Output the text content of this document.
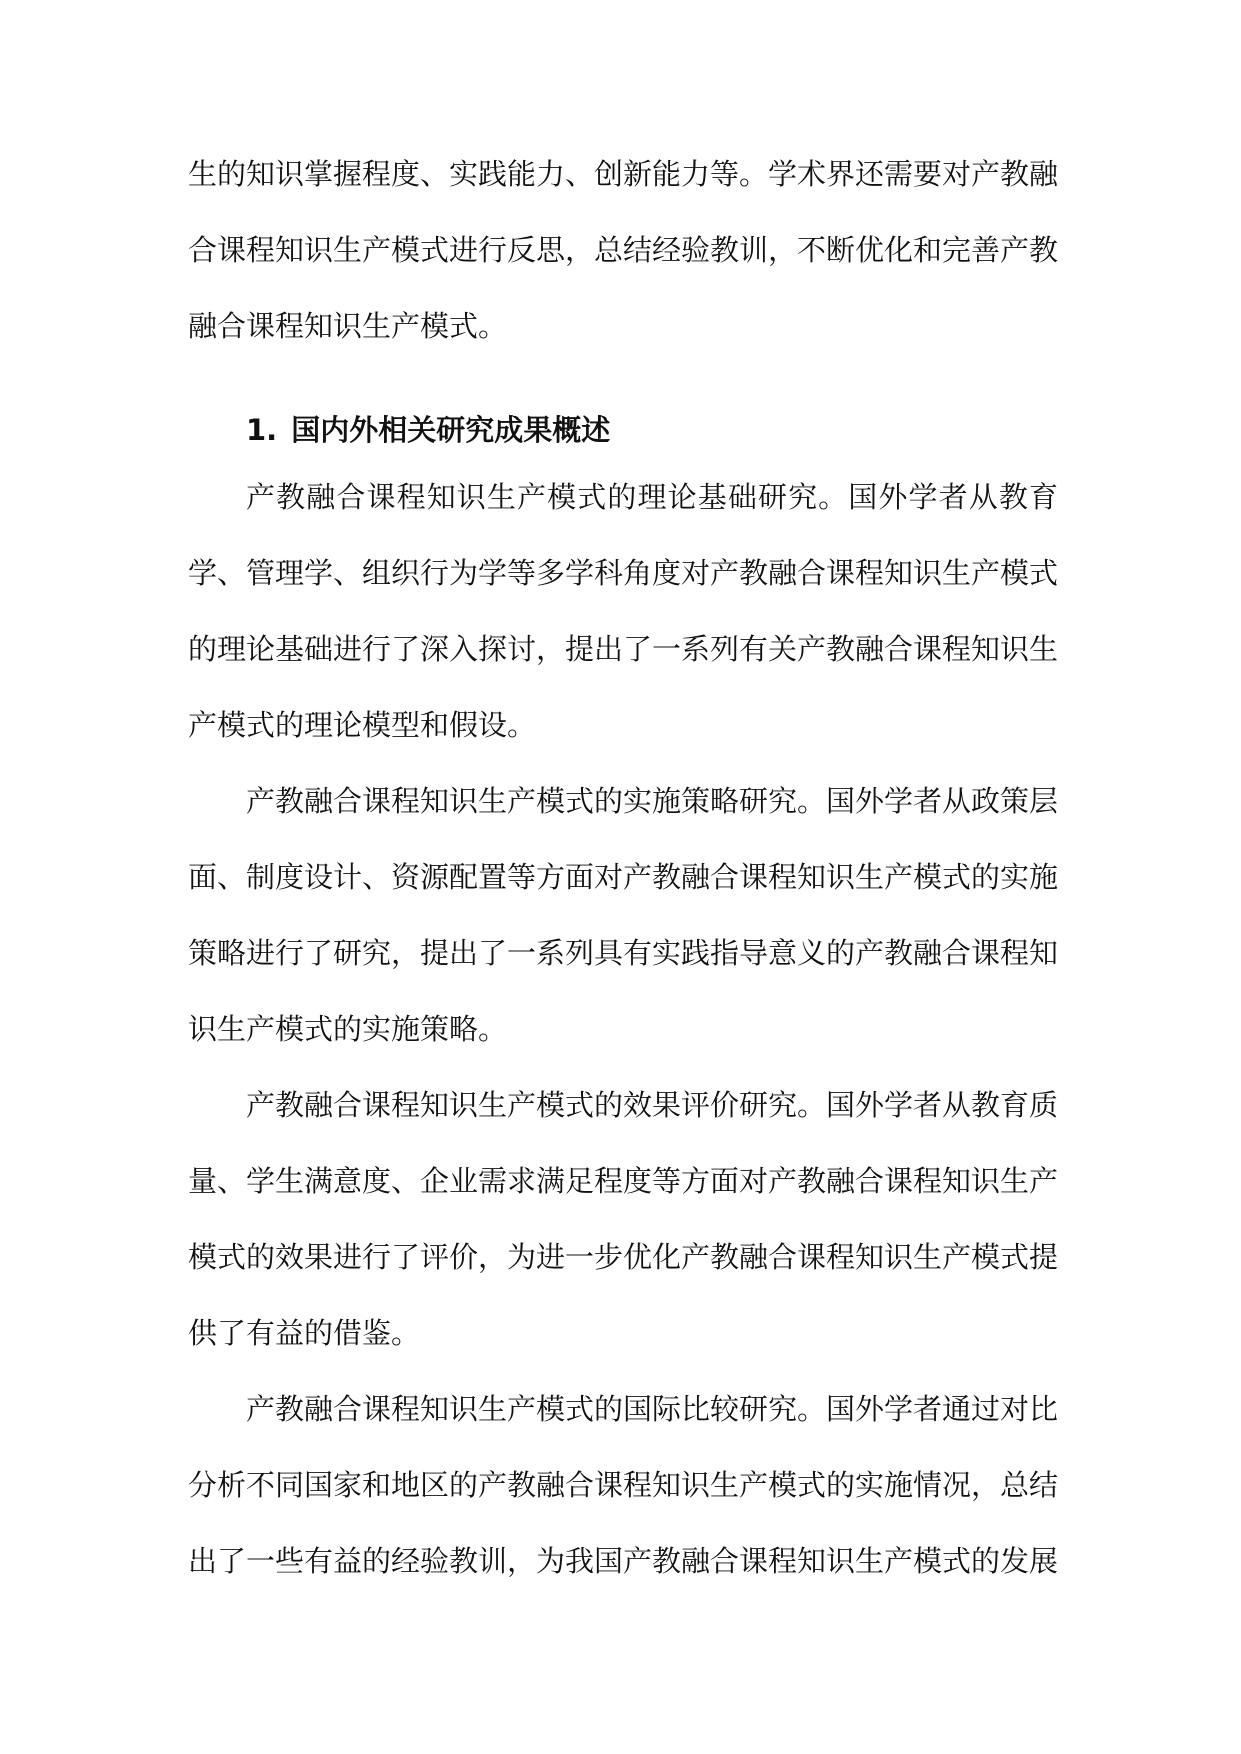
生的知识掌握程度、实践能力、创新能力等。学术界还需要对产教融合课程知识生产模式进行反思，总结经验教训，不断优化和完善产教融合课程知识生产模式。

1. 国内外相关研究成果概述

产教融合课程知识生产模式的理论基础研究。国外学者从教育学、管理学、组织行为学等多学科角度对产教融合课程知识生产模式的理论基础进行了深入探讨，提出了一系列有关产教融合课程知识生产模式的理论模型和假设。

产教融合课程知识生产模式的实施策略研究。国外学者从政策层面、制度设计、资源配置等方面对产教融合课程知识生产模式的实施策略进行了研究，提出了一系列具有实践指导意义的产教融合课程知识生产模式的实施策略。

产教融合课程知识生产模式的效果评价研究。国外学者从教育质量、学生满意度、企业需求满足程度等方面对产教融合课程知识生产模式的效果进行了评价，为进一步优化产教融合课程知识生产模式提供了有益的借鉴。

产教融合课程知识生产模式的国际比较研究。国外学者通过对比分析不同国家和地区的产教融合课程知识生产模式的实施情况，总结出了一些有益的经验教训，为我国产教融合课程知识生产模式的发展
